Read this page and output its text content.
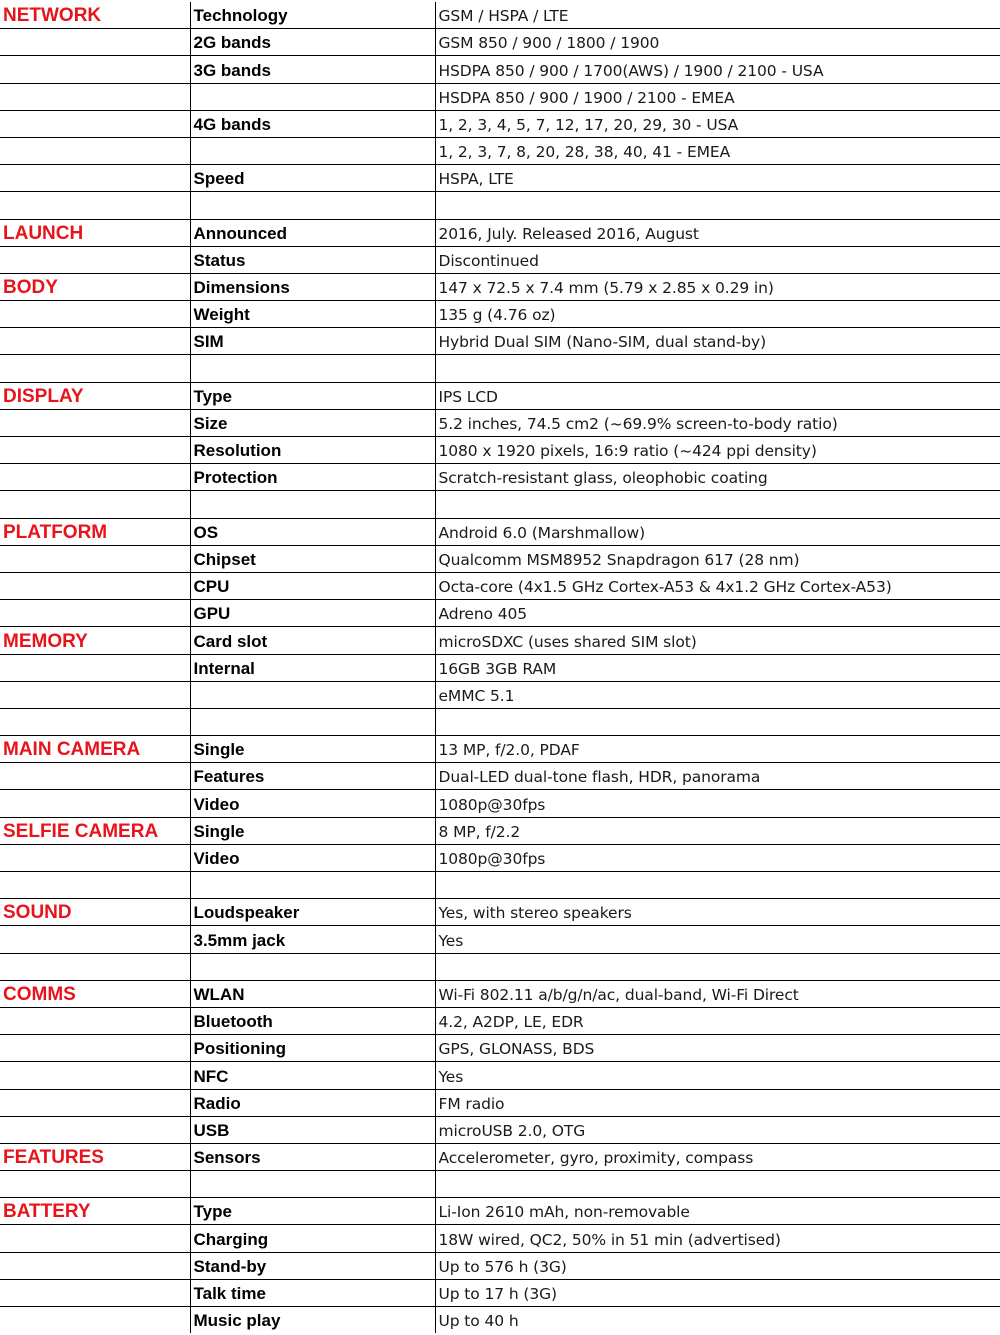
NETWORK	Technology	GSM / HSPA / LTE
	2G bands	GSM 850 / 900 / 1800 / 1900
	3G bands	HSDPA 850 / 900 / 1700(AWS) / 1900 / 2100 - USA
		HSDPA 850 / 900 / 1900 / 2100 - EMEA
	4G bands	1, 2, 3, 4, 5, 7, 12, 17, 20, 29, 30 - USA
		1, 2, 3, 7, 8, 20, 28, 38, 40, 41 - EMEA
	Speed	HSPA, LTE

LAUNCH	Announced	2016, July. Released 2016, August
	Status	Discontinued
BODY	Dimensions	147 x 72.5 x 7.4 mm (5.79 x 2.85 x 0.29 in)
	Weight	135 g (4.76 oz)
	SIM	Hybrid Dual SIM (Nano-SIM, dual stand-by)

DISPLAY	Type	IPS LCD
	Size	5.2 inches, 74.5 cm2 (~69.9% screen-to-body ratio)
	Resolution	1080 x 1920 pixels, 16:9 ratio (~424 ppi density)
	Protection	Scratch-resistant glass, oleophobic coating

PLATFORM	OS	Android 6.0 (Marshmallow)
	Chipset	Qualcomm MSM8952 Snapdragon 617 (28 nm)
	CPU	Octa-core (4x1.5 GHz Cortex-A53 & 4x1.2 GHz Cortex-A53)
	GPU	Adreno 405
MEMORY	Card slot	microSDXC (uses shared SIM slot)
	Internal	16GB 3GB RAM
		eMMC 5.1

MAIN CAMERA	Single	13 MP, f/2.0, PDAF
	Features	Dual-LED dual-tone flash, HDR, panorama
	Video	1080p@30fps
SELFIE CAMERA	Single	8 MP, f/2.2
	Video	1080p@30fps

SOUND	Loudspeaker	Yes, with stereo speakers
	3.5mm jack	Yes

COMMS	WLAN	Wi-Fi 802.11 a/b/g/n/ac, dual-band, Wi-Fi Direct
	Bluetooth	4.2, A2DP, LE, EDR
	Positioning	GPS, GLONASS, BDS
	NFC	Yes
	Radio	FM radio
	USB	microUSB 2.0, OTG
FEATURES	Sensors	Accelerometer, gyro, proximity, compass

BATTERY	Type	Li-Ion 2610 mAh, non-removable
	Charging	18W wired, QC2, 50% in 51 min (advertised)
	Stand-by	Up to 576 h (3G)
	Talk time	Up to 17 h (3G)
	Music play	Up to 40 h
